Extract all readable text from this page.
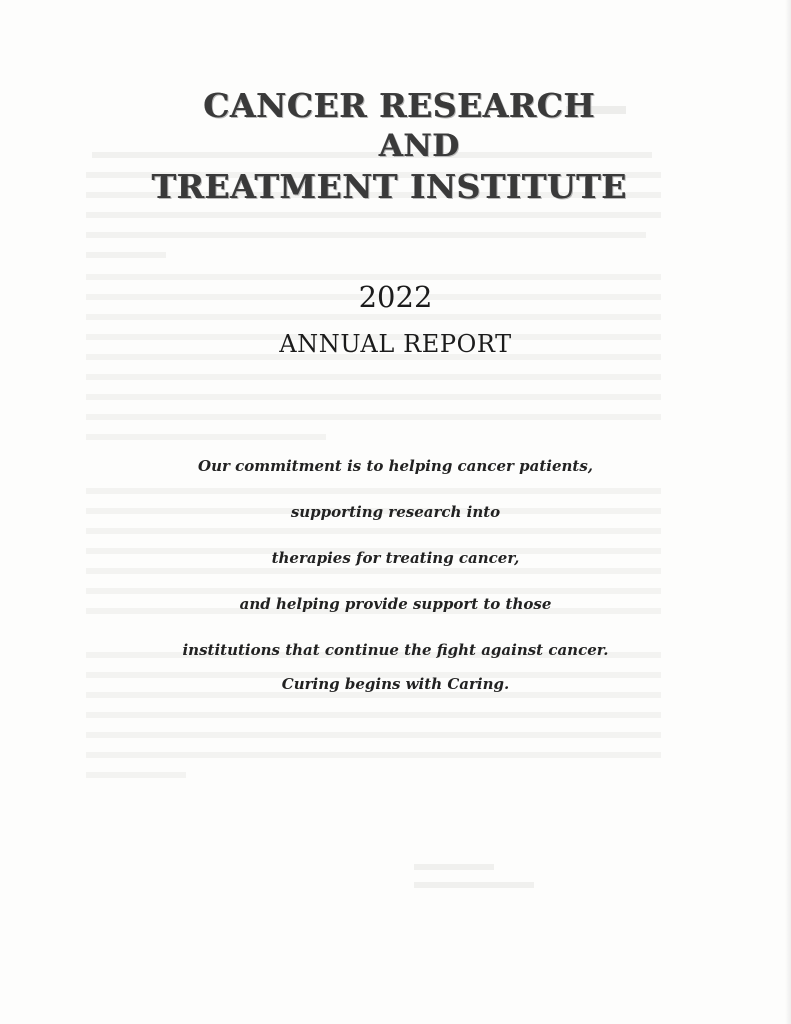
CANCER RESEARCH
AND
TREATMENT INSTITUTE
2022
ANNUAL REPORT
Our commitment is to helping cancer patients,
supporting research into
therapies for treating cancer,
and helping provide support to those
institutions that continue the fight against cancer.
Curing begins with Caring.
